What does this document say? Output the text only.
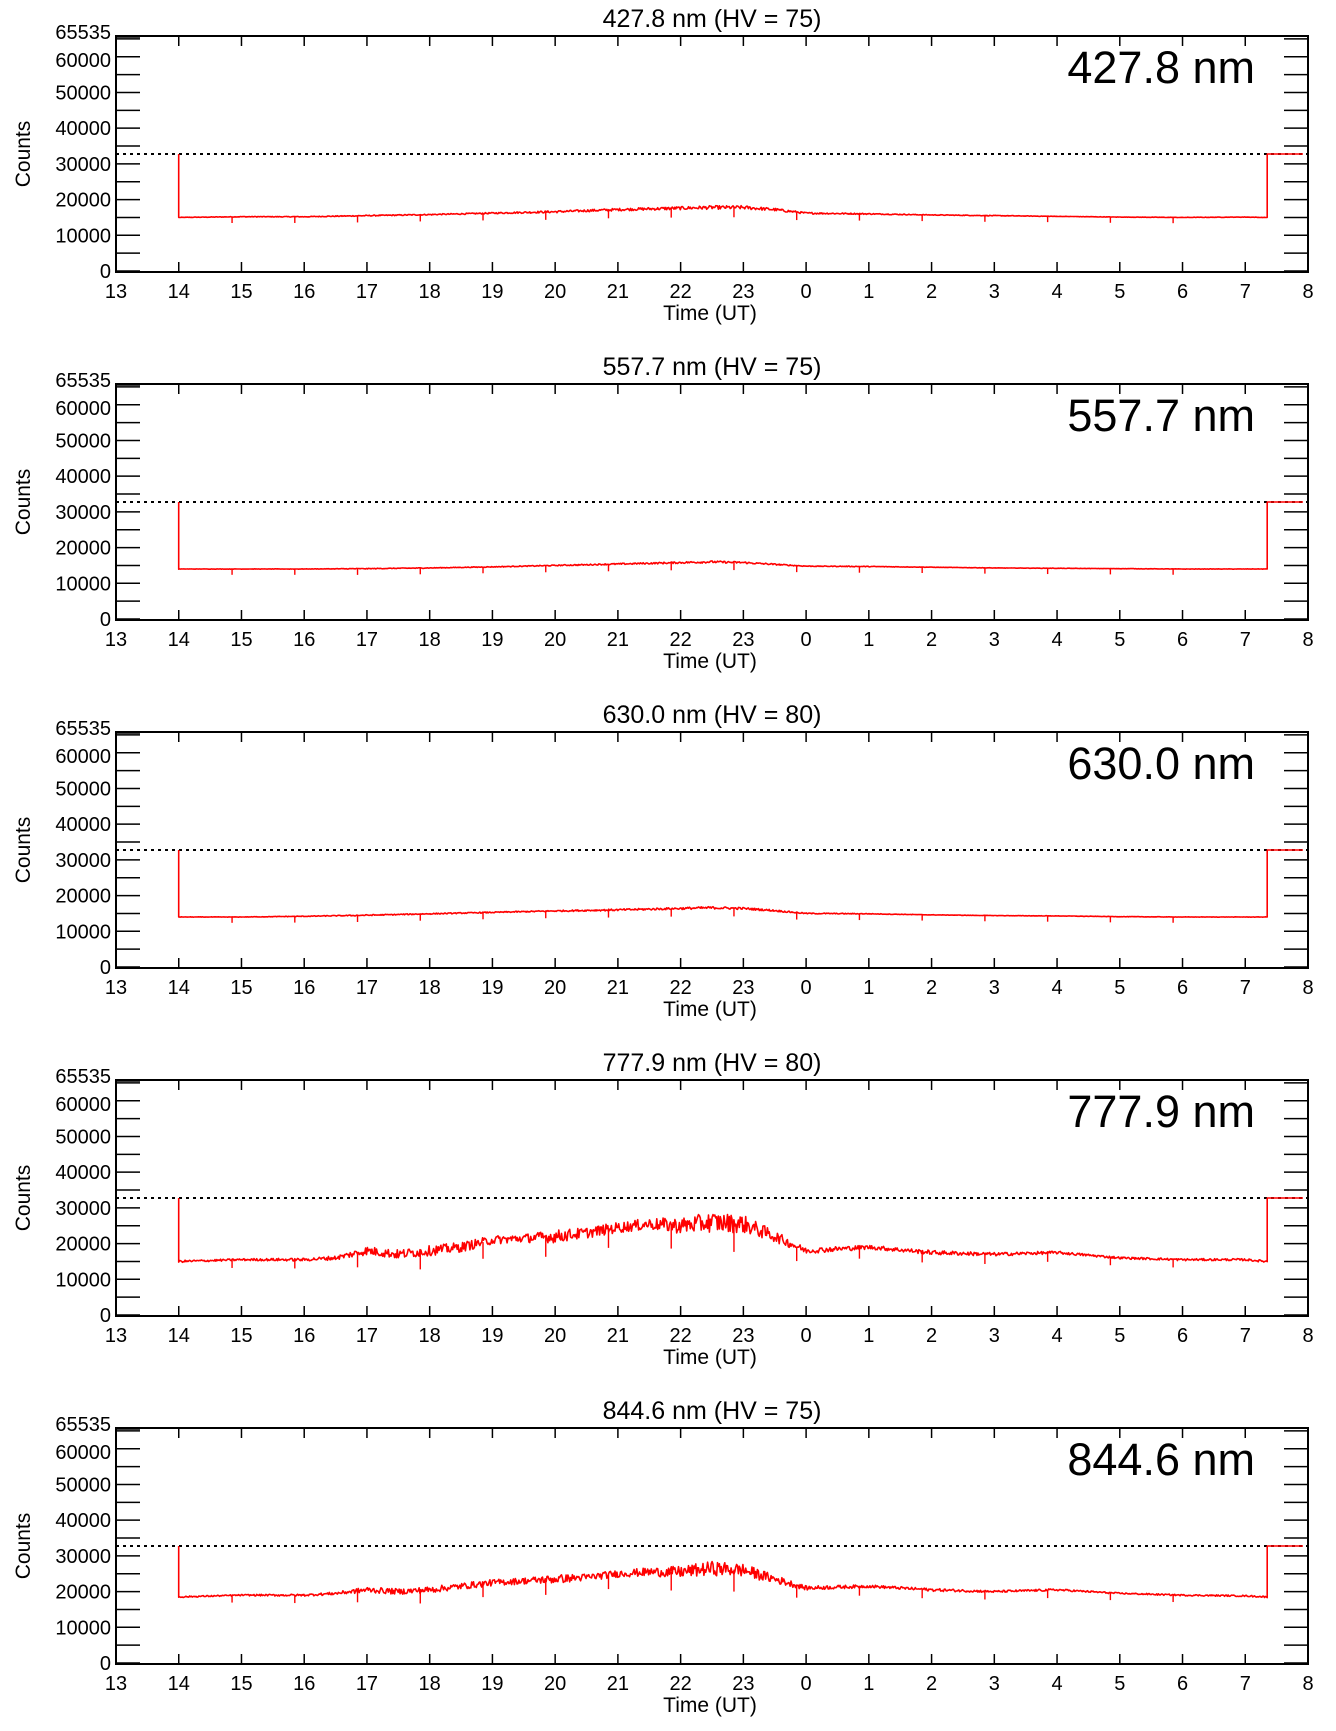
427.8 nm (HV = 75)
427.8 nm
0
10000
20000
30000
40000
50000
60000
65535
13 14 15 16 17 18 19 20 21 22 23 0	1	2	3	4	5	6	7	8
Time (UT)
Counts
557.7 nm (HV = 75)
557.7 nm
0
10000
20000
30000
40000
50000
60000
65535
13 14 15 16 17 18 19 20 21 22 23 0	1	2	3	4	5	6	7	8
Time (UT)
Counts
630.0 nm (HV = 80)
630.0 nm
0
10000
20000
30000
40000
50000
60000
65535
13 14 15 16 17 18 19 20 21 22 23 0	1	2	3	4	5	6	7	8
Time (UT)
Counts
777.9 nm (HV = 80)
777.9 nm
0
10000
20000
30000
40000
50000
60000
65535
13 14 15 16 17 18 19 20 21 22 23 0	1	2	3	4	5	6	7	8
Time (UT)
Counts
844.6 nm (HV = 75)
844.6 nm
0
10000
20000
30000
40000
50000
60000
65535
13 14 15 16 17 18 19 20 21 22 23 0	1	2	3	4	5	6	7	8
Time (UT)
Counts
